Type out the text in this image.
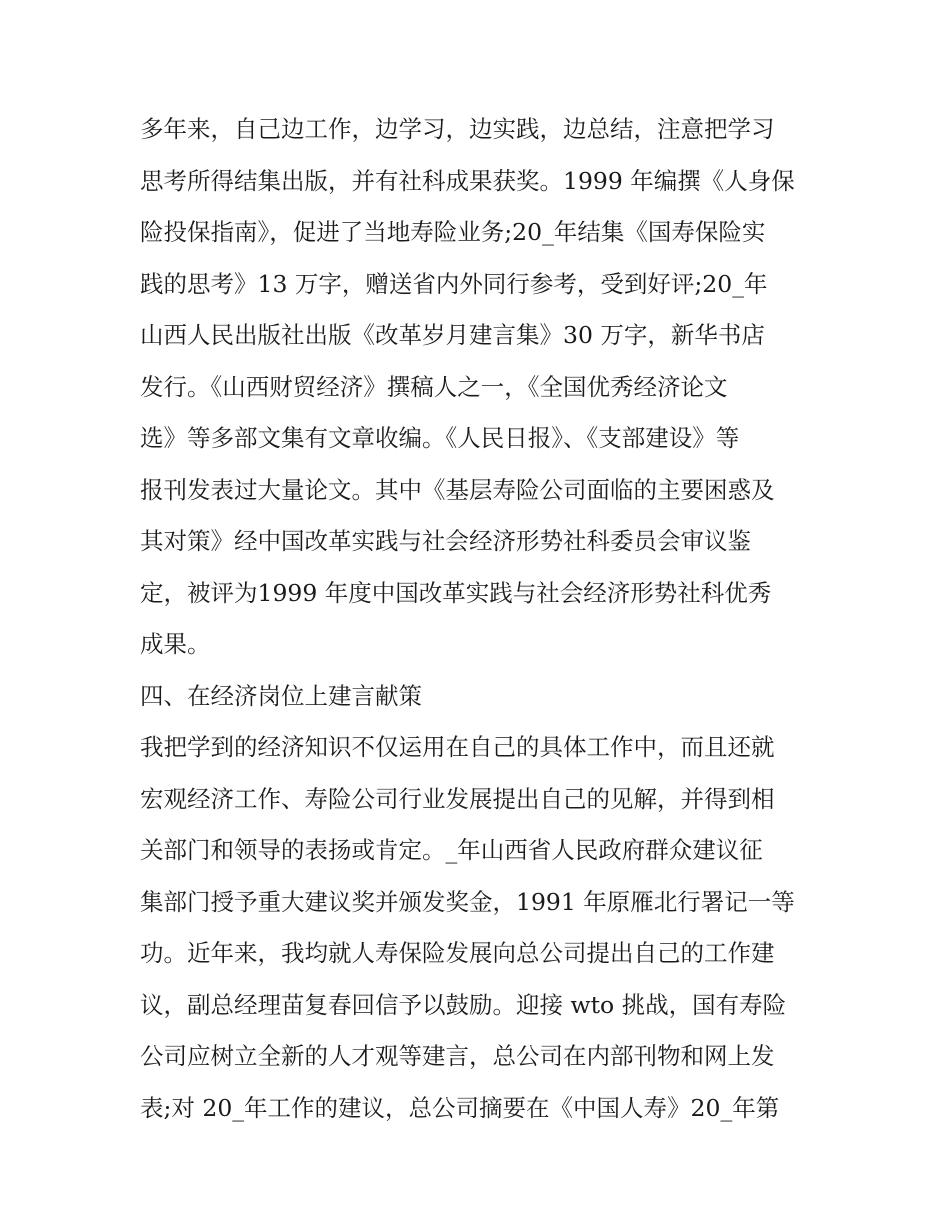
多年来，自己边工作，边学习，边实践，边总结，注意把学习
思考所得结集出版，并有社科成果获奖。1999 年编撰《人身保
险投保指南》，促进了当地寿险业务;20_年结集《国寿保险实
践的思考》13 万字，赠送省内外同行参考，受到好评;20_年
山西人民出版社出版《改革岁月建言集》30 万字，新华书店
发行。《山西财贸经济》撰稿人之一，《全国优秀经济论文
选》等多部文集有文章收编。《人民日报》、《支部建设》等
报刊发表过大量论文。其中《基层寿险公司面临的主要困惑及
其对策》经中国改革实践与社会经济形势社科委员会审议鉴
定，被评为1999 年度中国改革实践与社会经济形势社科优秀
成果。
四、在经济岗位上建言献策
我把学到的经济知识不仅运用在自己的具体工作中，而且还就
宏观经济工作、寿险公司行业发展提出自己的见解，并得到相
关部门和领导的表扬或肯定。_年山西省人民政府群众建议征
集部门授予重大建议奖并颁发奖金，1991 年原雁北行署记一等
功。近年来，我均就人寿保险发展向总公司提出自己的工作建
议，副总经理苗复春回信予以鼓励。迎接 wto 挑战，国有寿险
公司应树立全新的人才观等建言，总公司在内部刊物和网上发
表;对 20_年工作的建议，总公司摘要在《中国人寿》20_年第
